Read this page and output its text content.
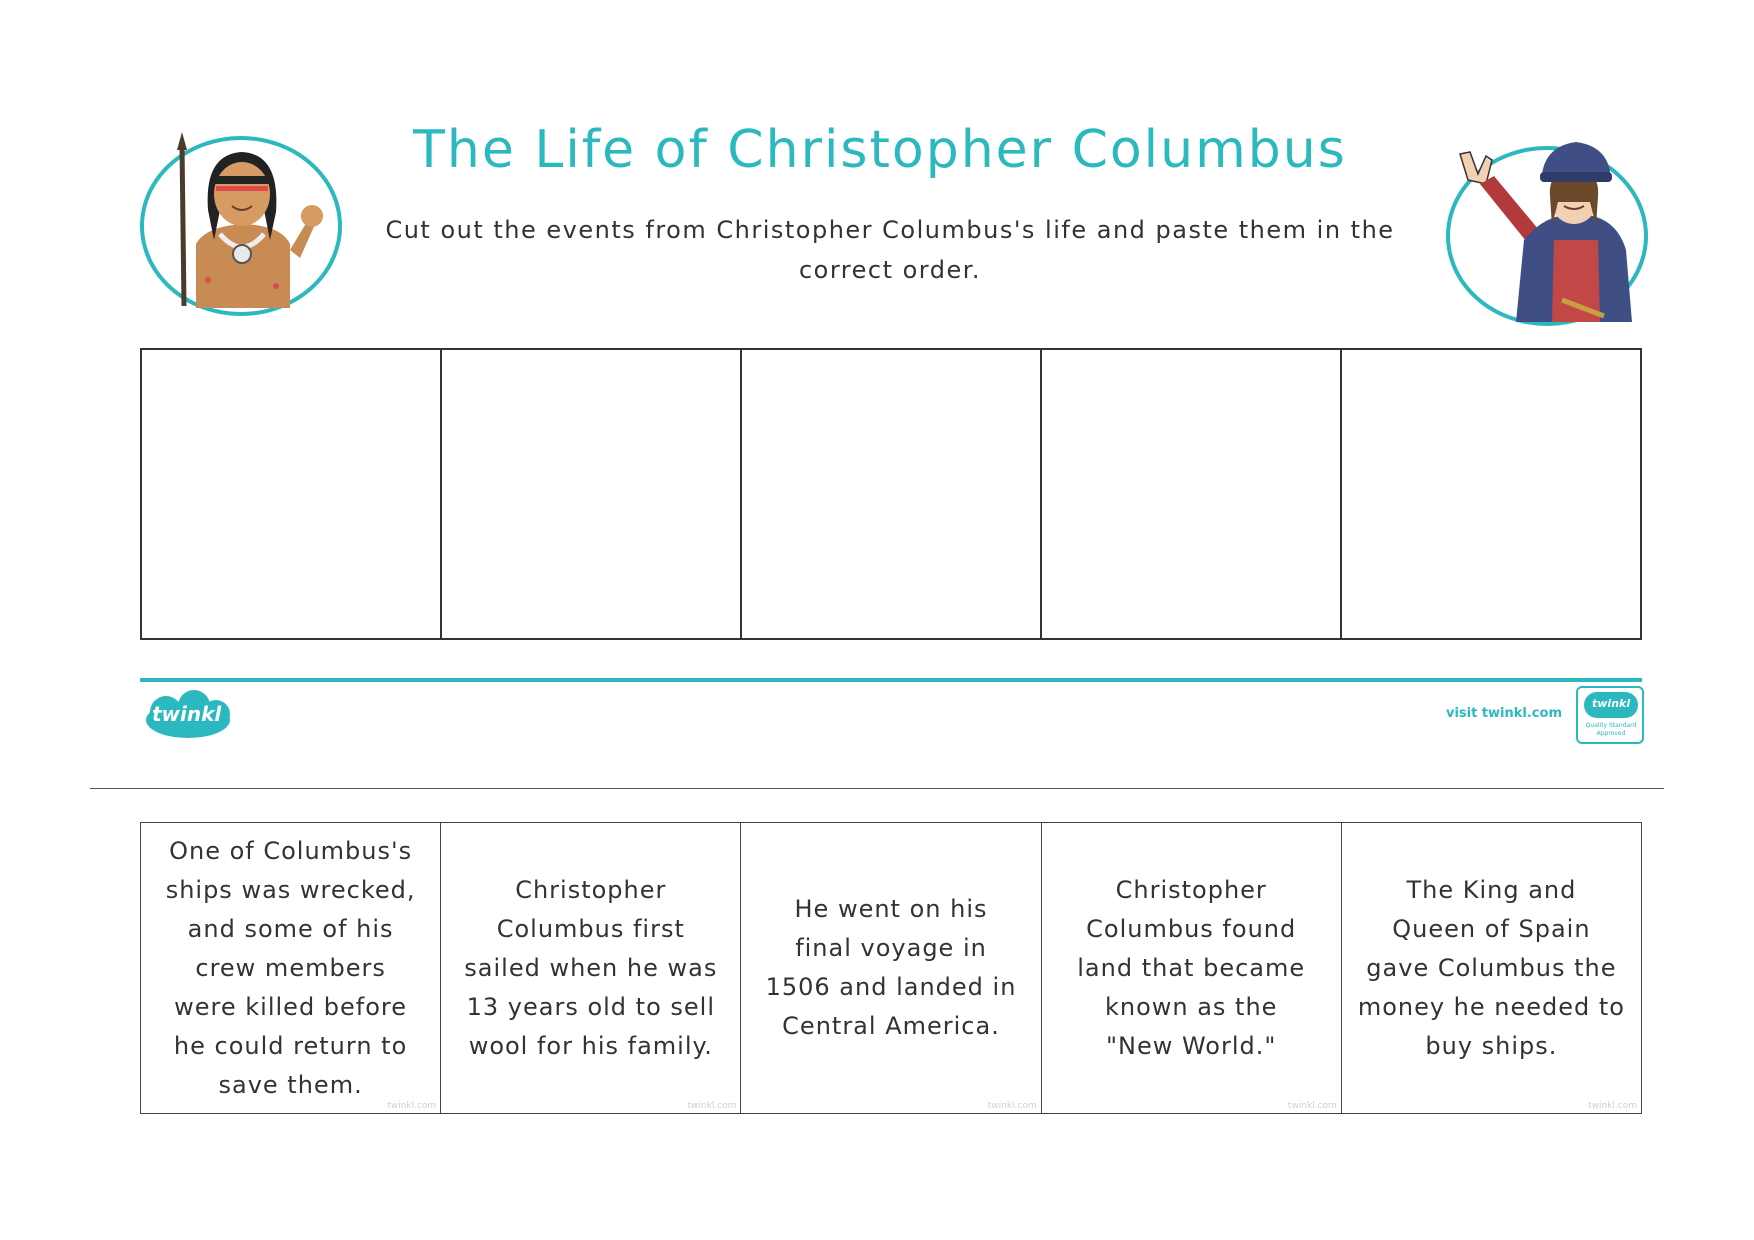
The Life of Christopher Columbus
Cut out the events from Christopher Columbus's life and paste them in the correct order.
twinkl	visit twinkl.com
twinkl
Quality Standard Approved
One of Columbus's
ships was wrecked,
and some of his
crew members
were killed before
he could return to
save them.
twinkl.com
Christopher
Columbus first
sailed when he was
13 years old to sell
wool for his family.
twinkl.com
He went on his
final voyage in
1506 and landed in
Central America.
twinkl.com
Christopher
Columbus found
land that became
known as the
"New World."
twinkl.com
The King and
Queen of Spain
gave Columbus the
money he needed to
buy ships.
twinkl.com
